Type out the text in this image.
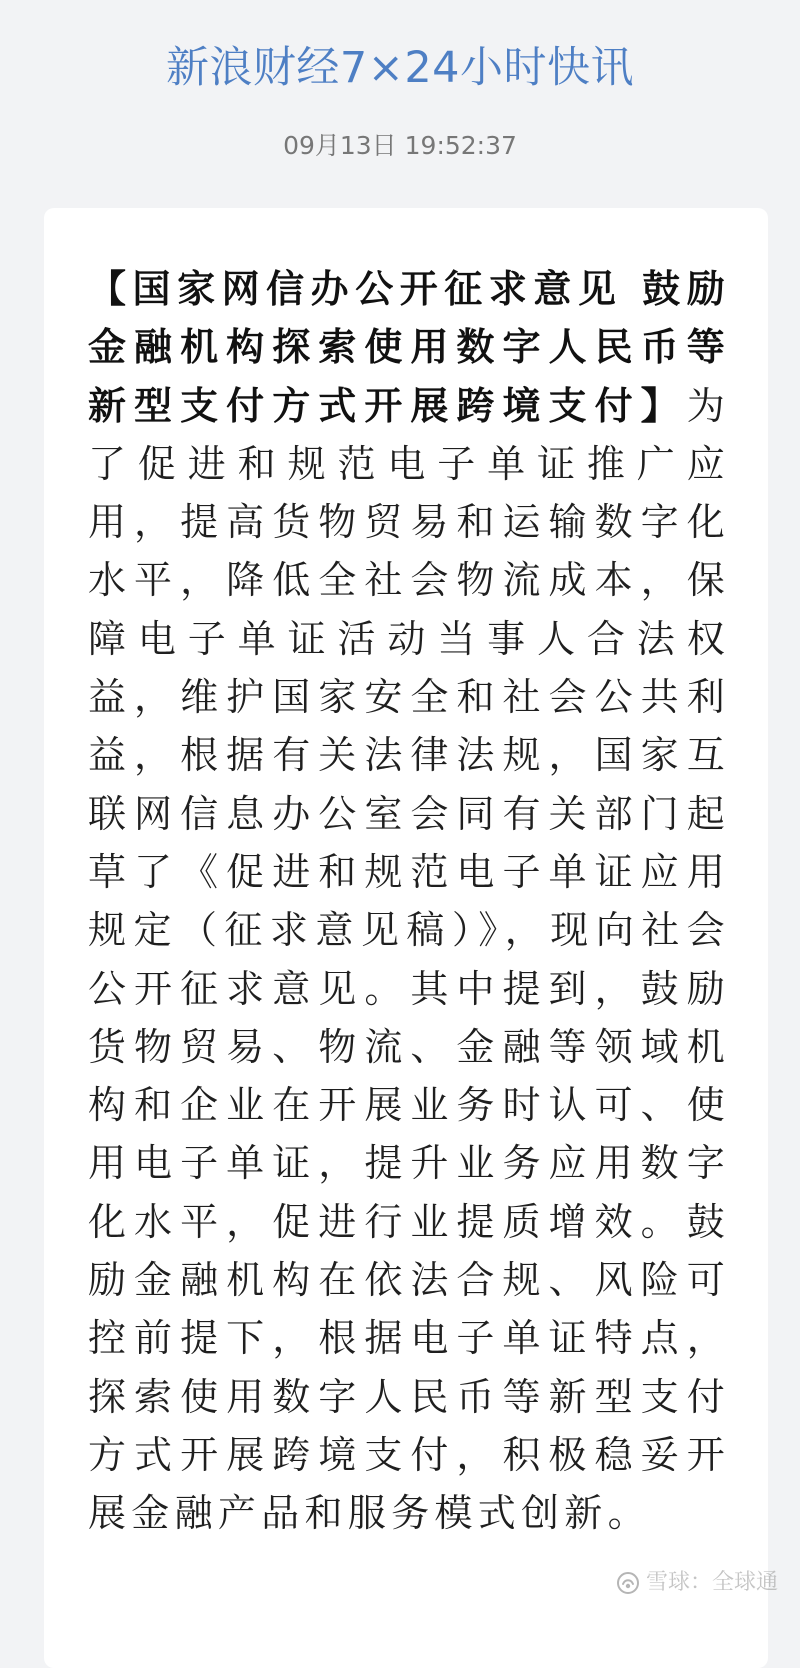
新浪财经7×24小时快讯
09月13日 19:52:37

【国家网信办公开征求意见 鼓励金融机构探索使用数字人民币等新型支付方式开展跨境支付】为了促进和规范电子单证推广应用，提高货物贸易和运输数字化水平，降低全社会物流成本，保障电子单证活动当事人合法权益，维护国家安全和社会公共利益，根据有关法律法规，国家互联网信息办公室会同有关部门起草了《促进和规范电子单证应用规定（征求意见稿）》，现向社会公开征求意见。其中提到，鼓励货物贸易、物流、金融等领域机构和企业在开展业务时认可、使用电子单证，提升业务应用数字化水平，促进行业提质增效。鼓励金融机构在依法合规、风险可控前提下，根据电子单证特点，探索使用数字人民币等新型支付方式开展跨境支付，积极稳妥开展金融产品和服务模式创新。

雪球：全球通
